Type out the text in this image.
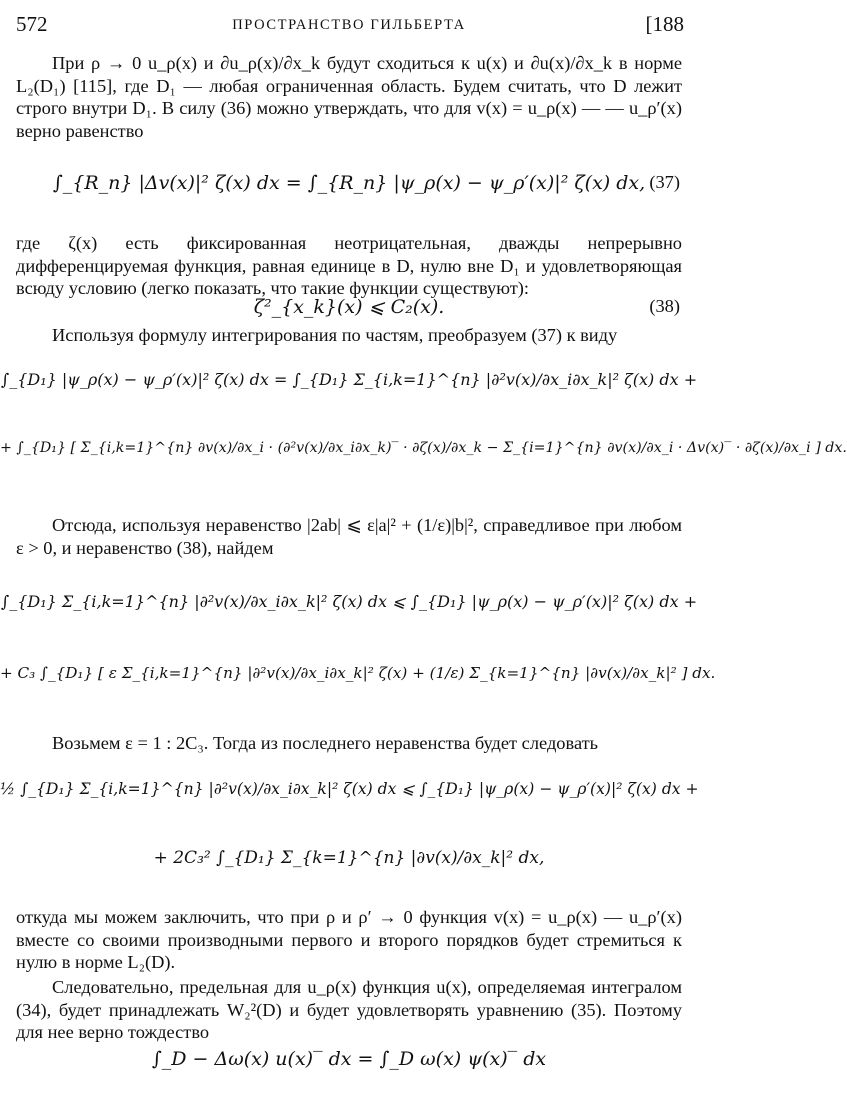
572	ПРОСТРАНСТВО ГИЛЬБЕРТА	[188
При ρ → 0 u_ρ(x) и ∂u_ρ(x)/∂x_k будут сходиться к u(x) и ∂u(x)/∂x_k в норме L₂(D₁) [115], где D₁ — любая ограниченная область. Будем считать, что D лежит строго внутри D₁. В силу (36) можно утверждать, что для v(x) = u_ρ(x) — — u_ρ′(x) верно равенство
∫_{R_n} |Δv(x)|² ζ(x) dx = ∫_{R_n} |ψ_ρ(x) − ψ_ρ′(x)|² ζ(x) dx, (37)
где ζ(x) есть фиксированная неотрицательная, дважды непрерывно дифференцируемая функция, равная единице в D, нулю вне D₁ и удовлетворяющая всюду условию (легко показать, что такие функции существуют):
ζ²_{x_k}(x) ⩽ C₂(x).	(38)
Используя формулу интегрирования по частям, преобразуем (37) к виду
∫_{D₁} |ψ_ρ(x) − ψ_ρ′(x)|² ζ(x) dx = ∫_{D₁} Σ_{i,k=1}^{n} |∂²v(x)/∂x_i∂x_k|² ζ(x) dx +
+ ∫_{D₁} [ Σ_{i,k=1}^{n} ∂v(x)/∂x_i · (∂²v(x)/∂x_i∂x_k)‾ · ∂ζ(x)/∂x_k − Σ_{i=1}^{n} ∂v(x)/∂x_i · Δv(x)‾ · ∂ζ(x)/∂x_i ] dx.
Отсюда, используя неравенство |2ab| ⩽ ε|a|² + (1/ε)|b|², справедливое при любом ε > 0, и неравенство (38), найдем
∫_{D₁} Σ_{i,k=1}^{n} |∂²v(x)/∂x_i∂x_k|² ζ(x) dx ⩽ ∫_{D₁} |ψ_ρ(x) − ψ_ρ′(x)|² ζ(x) dx +
+ C₃ ∫_{D₁} [ ε Σ_{i,k=1}^{n} |∂²v(x)/∂x_i∂x_k|² ζ(x) + (1/ε) Σ_{k=1}^{n} |∂v(x)/∂x_k|² ] dx.
Возьмем ε = 1 : 2C₃. Тогда из последнего неравенства будет следовать
½ ∫_{D₁} Σ_{i,k=1}^{n} |∂²v(x)/∂x_i∂x_k|² ζ(x) dx ⩽ ∫_{D₁} |ψ_ρ(x) − ψ_ρ′(x)|² ζ(x) dx +
+ 2C₃² ∫_{D₁} Σ_{k=1}^{n} |∂v(x)/∂x_k|² dx,
откуда мы можем заключить, что при ρ и ρ′ → 0 функция v(x) = u_ρ(x) — u_ρ′(x) вместе со своими производными первого и второго порядков будет стремиться к нулю в норме L₂(D).
Следовательно, предельная для u_ρ(x) функция u(x), определяемая интегралом (34), будет принадлежать W₂²(D) и будет удовлетворять уравнению (35). Поэтому для нее верно тождество
∫_D − Δω(x) u(x)‾ dx = ∫_D ω(x) ψ(x)‾ dx
